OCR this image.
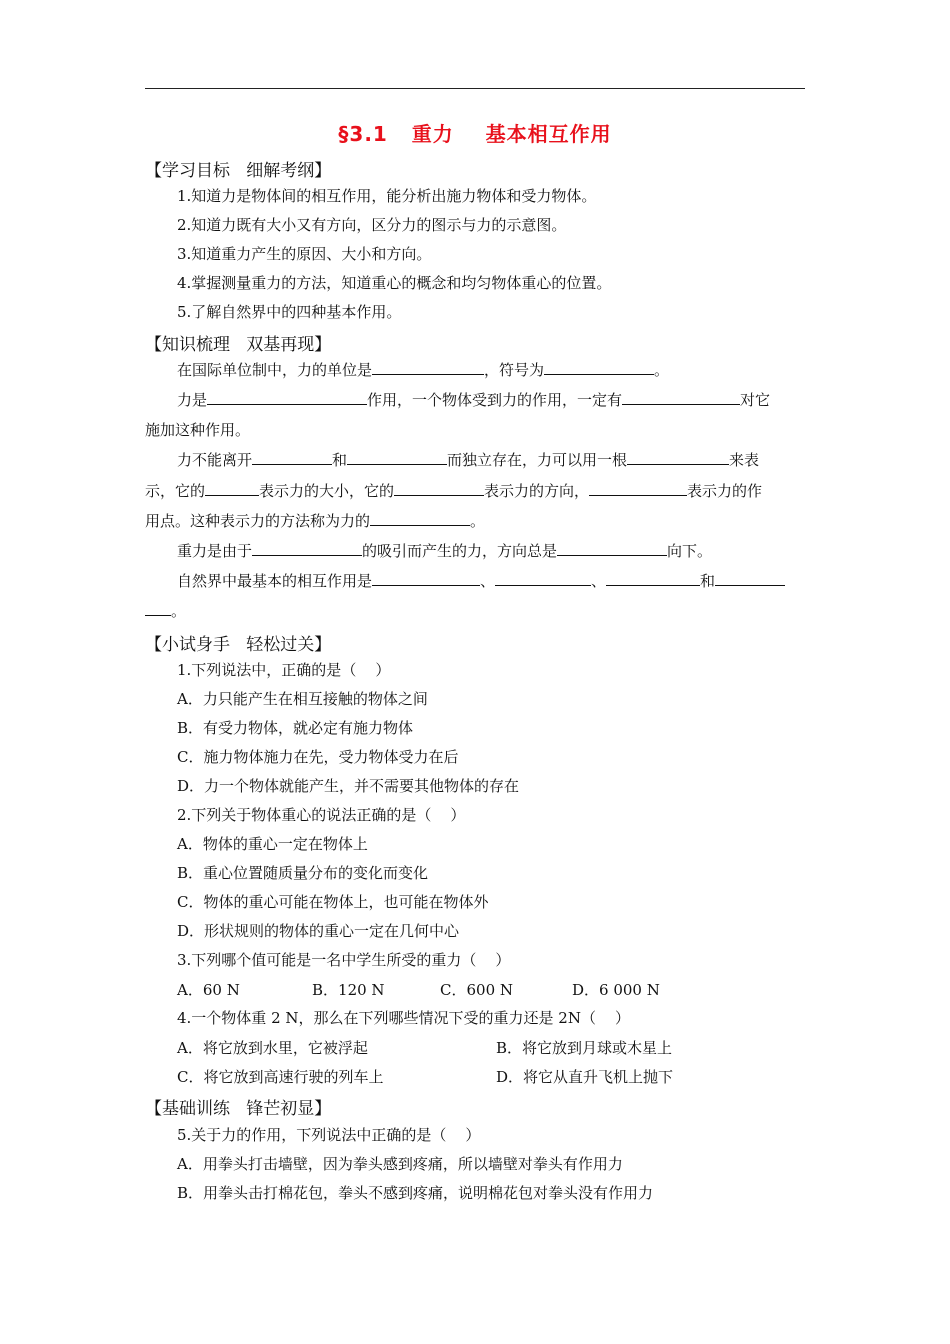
§3.1   重力    基本相互作用
【学习目标   细解考纲】
1.知道力是物体间的相互作用，能分析出施力物体和受力物体。
2.知道力既有大小又有方向，区分力的图示与力的示意图。
3.知道重力产生的原因、大小和方向。
4.掌握测量重力的方法，知道重心的概念和均匀物体重心的位置。
5.了解自然界中的四种基本作用。
【知识梳理   双基再现】
在国际单位制中，力的单位是	，符号为	。
力是	作用，一个物体受到力的作用，一定有	对它
施加这种作用。
力不能离开	和	而独立存在，力可以用一根	来表
示，它的	表示力的大小，它的	表示力的方向，	表示力的作
用点。这种表示力的方法称为力的	。
重力是由于	的吸引而产生的力，方向总是	向下。
自然界中最基本的相互作用是	、	、	和
。
【小试身手   轻松过关】
1.下列说法中，正确的是（    ）
A．力只能产生在相互接触的物体之间
B．有受力物体，就必定有施力物体
C．施力物体施力在先，受力物体受力在后
D．力一个物体就能产生，并不需要其他物体的存在
2.下列关于物体重心的说法正确的是（    ）
A．物体的重心一定在物体上
B．重心位置随质量分布的变化而变化
C．物体的重心可能在物体上，也可能在物体外
D．形状规则的物体的重心一定在几何中心
3.下列哪个值可能是一名中学生所受的重力（    ）
A．60 N	B．120 N	C．600 N	D．6 000 N
4.一个物体重 2 N，那么在下列哪些情况下受的重力还是 2N（    ）
A．将它放到水里，它被浮起	B．将它放到月球或木星上
C．将它放到高速行驶的列车上	D．将它从直升飞机上抛下
【基础训练   锋芒初显】
5.关于力的作用，下列说法中正确的是（    ）
A．用拳头打击墙壁，因为拳头感到疼痛，所以墙壁对拳头有作用力
B．用拳头击打棉花包，拳头不感到疼痛，说明棉花包对拳头没有作用力
